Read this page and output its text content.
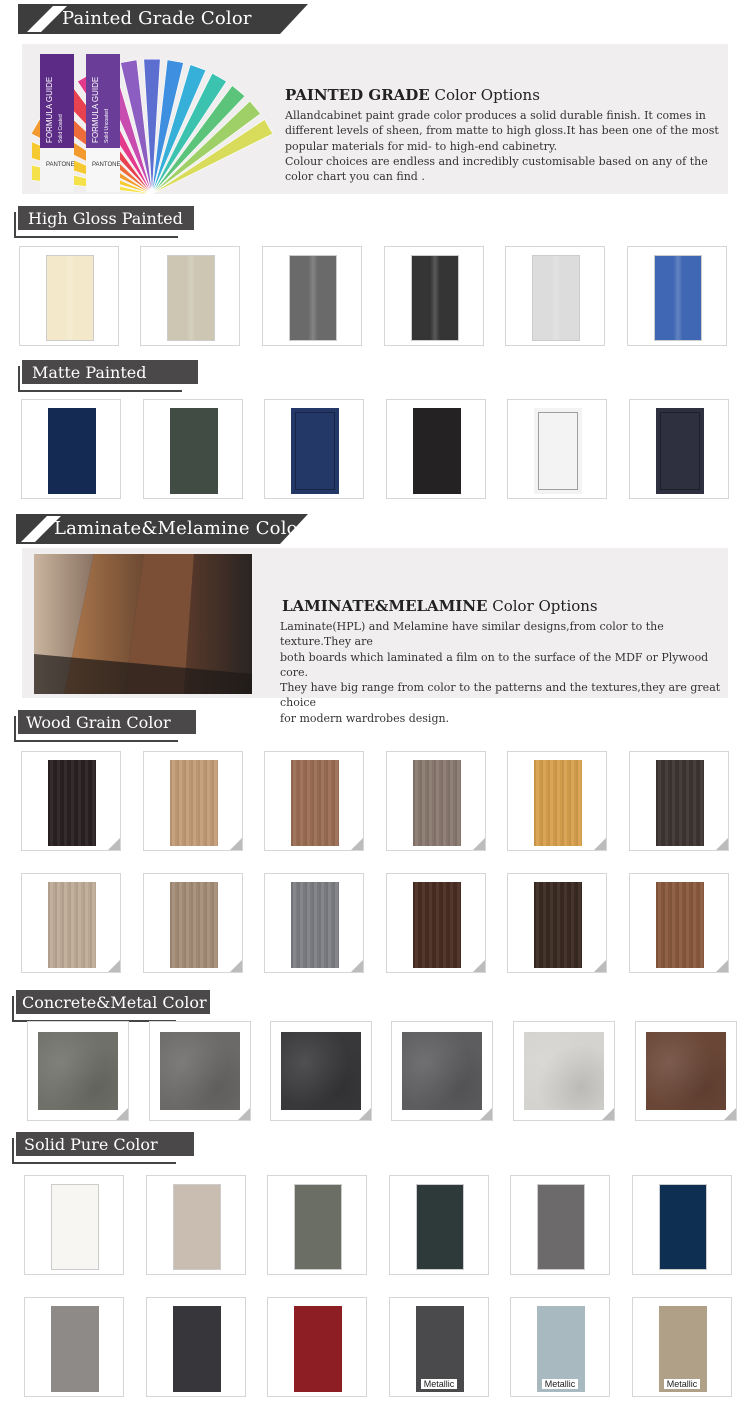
Painted Grade Color
FORMULA GUIDE Solid Coated	FORMULA GUIDE Solid Uncoated
PANTONE	PANTONE
PAINTED GRADE Color Options
Allandcabinet paint grade color produces a solid durable finish. It comes in
different levels of sheen, from matte to high gloss.It has been one of the most
popular materials for mid- to high-end cabinetry.
Colour choices are endless and incredibly customisable based on any of the
color chart you can find .
High Gloss Painted
Matte Painted
Laminate&Melamine Color
LAMINATE&MELAMINE Color Options
Laminate(HPL) and Melamine have similar designs,from color to the texture.They are
both boards which laminated a film on to the surface of the MDF or Plywood core.
They have big range from color to the patterns and the textures,they are great choice
for modern wardrobes design.
Wood Grain Color
Concrete&Metal Color
Solid Pure Color
Metallic	Metallic	Metallic
